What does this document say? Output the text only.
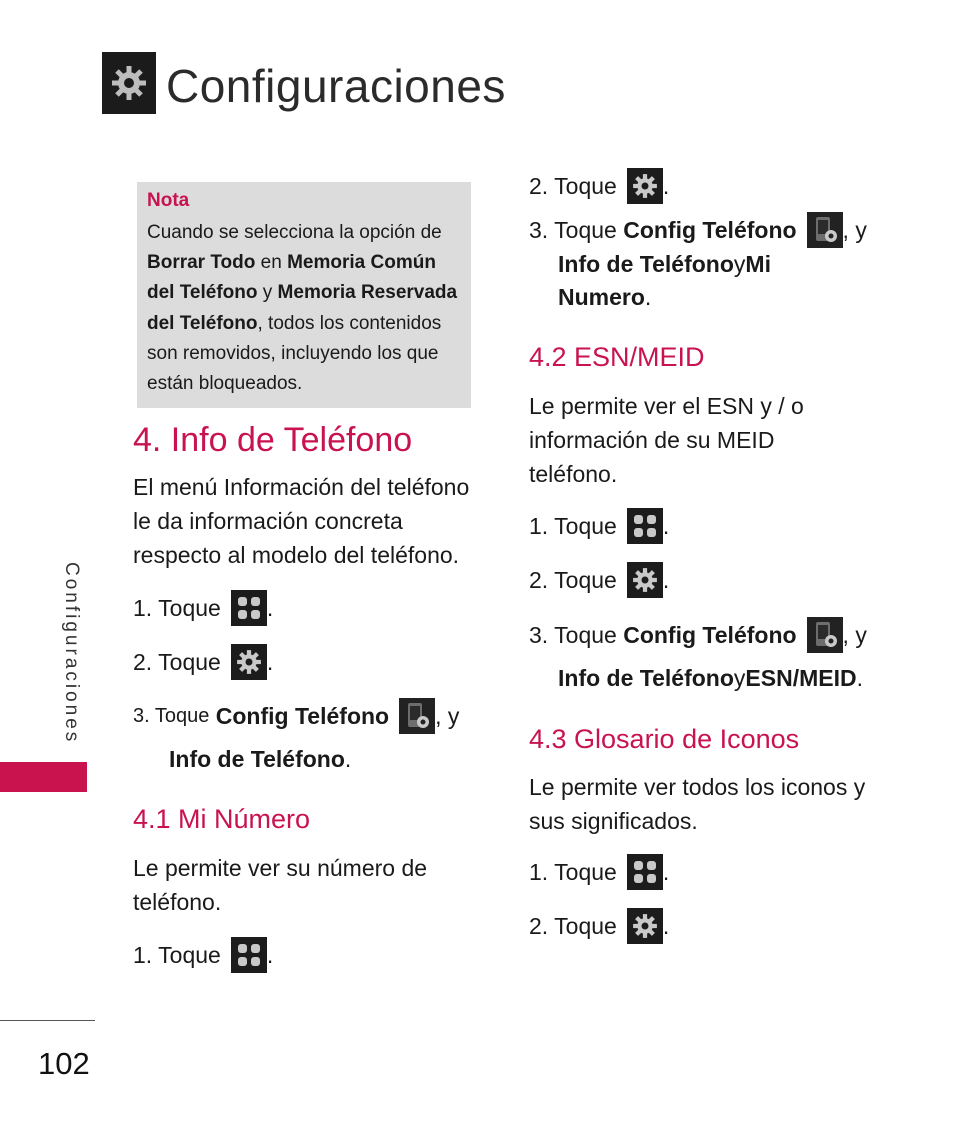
Configuraciones
Configuraciones
102
Nota
Cuando se selecciona la opción de
Borrar Todo en Memoria Común
del Teléfono y Memoria Reservada
del Teléfono, todos los contenidos
son removidos, incluyendo los que
están bloqueados.
4. Info de Teléfono
El menú Información del teléfono
le da información concreta
respecto al modelo del teléfono.
1. Toque .
2. Toque .
3. Toque
Config Teléfono , y
Info de Teléfono .
4.1 Mi Número
Le permite ver su número de
teléfono.
1. Toque .
2. Toque .
3. Toque
Config Teléfono , y
Info de Teléfono y Mi
Numero .
4.2 ESN/MEID
Le permite ver el ESN y / o
información de su MEID
teléfono.
1. Toque .
2. Toque .
3. Toque
Config Teléfono , y
Info de Teléfono y ESN/MEID .
4.3 Glosario de Iconos
Le permite ver todos los iconos y
sus significados.
1. Toque .
2. Toque .
